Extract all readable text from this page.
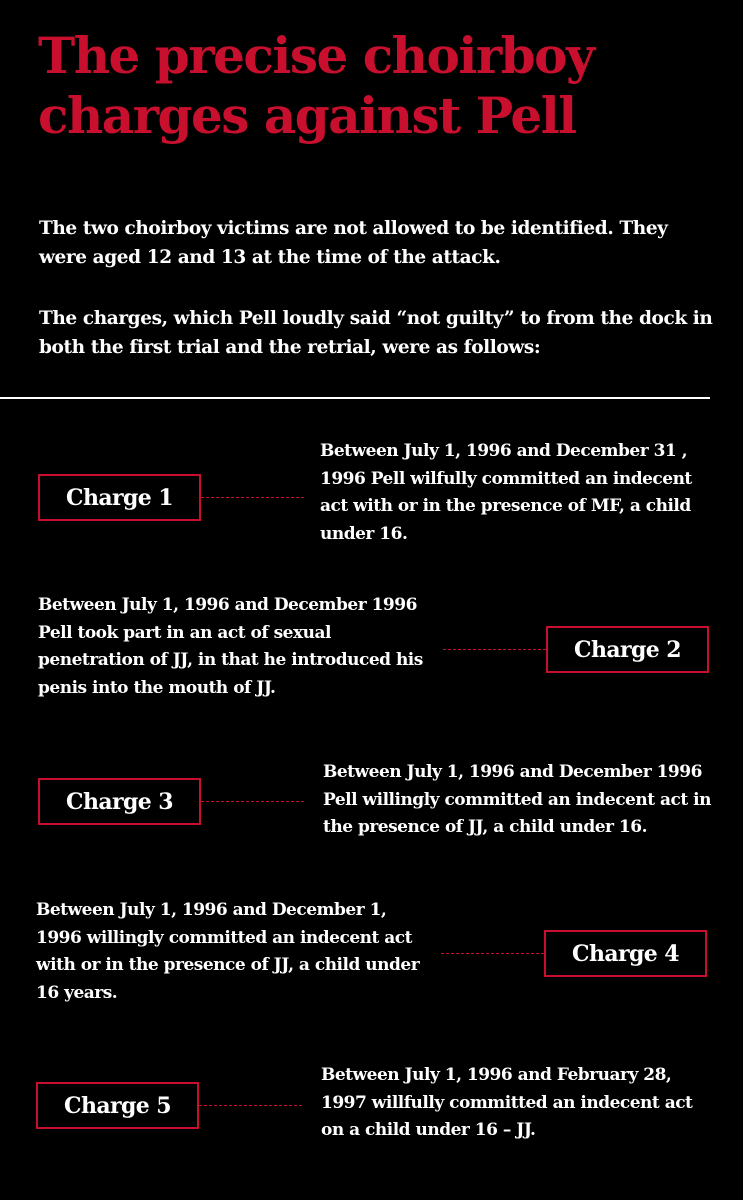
The precise choirboy charges against Pell

The two choirboy victims are not allowed to be identified. They were aged 12 and 13 at the time of the attack.

The charges, which Pell loudly said “not guilty” to from the dock in both the first trial and the retrial, were as follows:

Charge 1

Between July 1, 1996 and December 31 , 1996 Pell wilfully committed an indecent act with or in the presence of MF, a child under 16.

Between July 1, 1996 and December 1996 Pell took part in an act of sexual penetration of JJ, in that he introduced his penis into the mouth of JJ.

Charge 2
Charge 3

Between July 1, 1996 and December 1996 Pell willingly committed an indecent act in the presence of JJ, a child under 16.

Between July 1, 1996 and December 1, 1996 willingly committed an indecent act with or in the presence of JJ, a child under 16 years.

Charge 4
Charge 5

Between July 1, 1996 and February 28, 1997 willfully committed an indecent act on a child under 16 – JJ.
